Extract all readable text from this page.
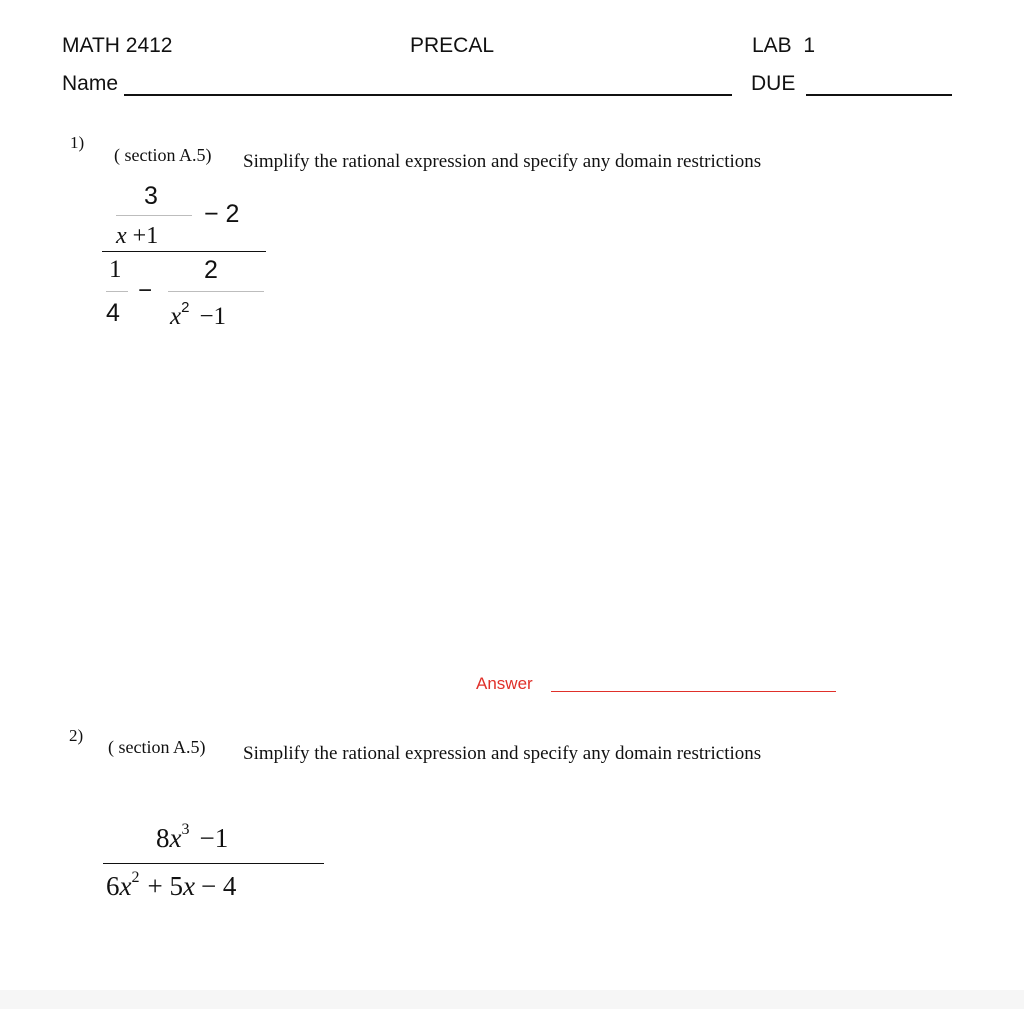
MATH 2412	PRECAL	LAB  1
Name	DUE
1)
( section A.5) Simplify the rational expression and specify any domain restrictions
3
x +1
− 2
1
4
−
2
$x^2 -1$
Answer
2)
( section A.5) Simplify the rational expression and specify any domain restrictions
$8x^3 -1$
$6x^2 + 5x - 4$
